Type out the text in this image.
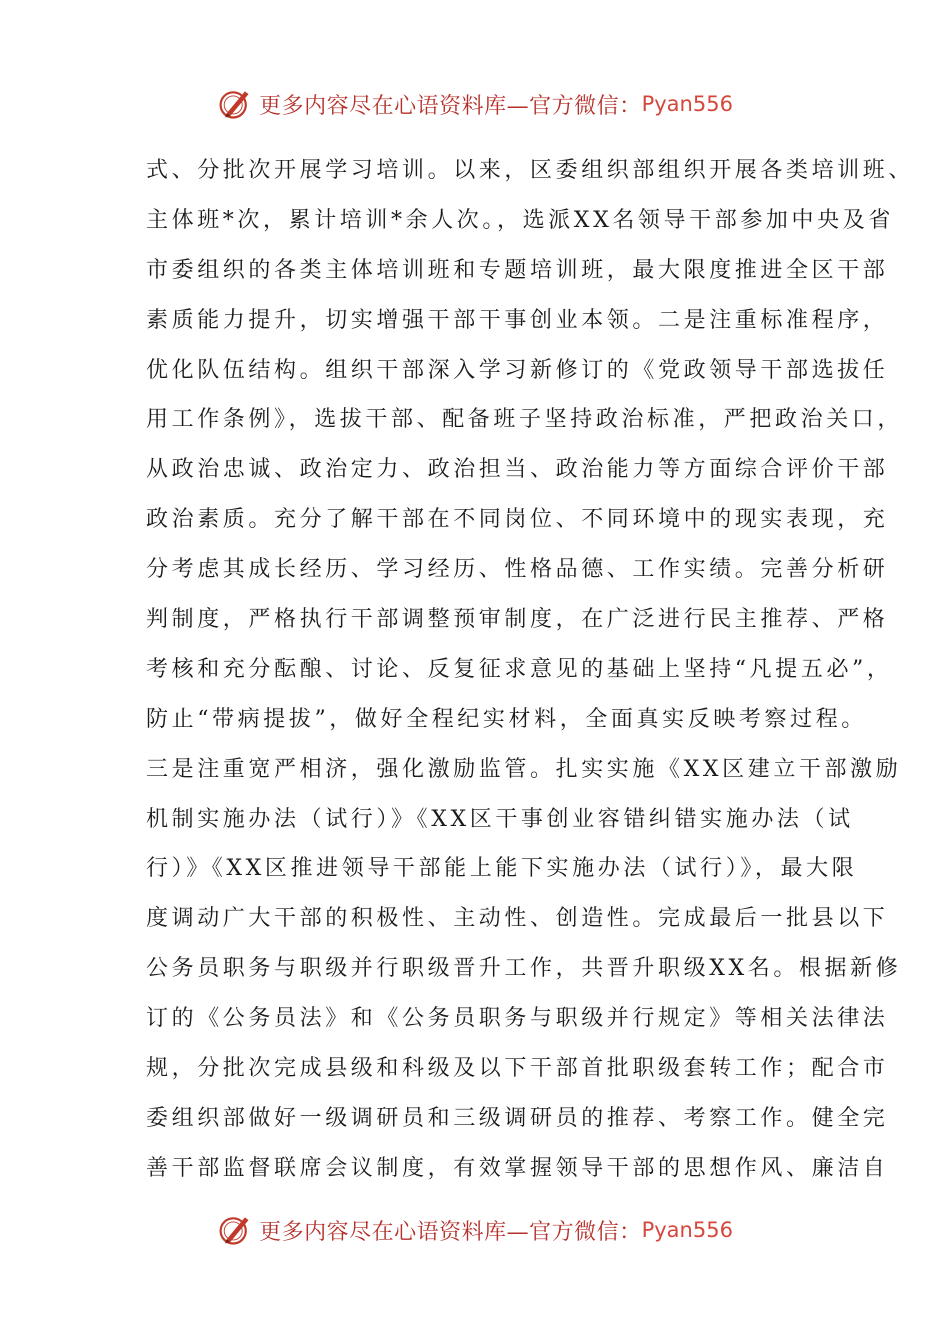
更多内容尽在心语资料库—官方微信： Pyan556
式、分批次开展学习培训。以来，区委组织部组织开展各类培训班、
主体班*次，累计培训*余人次。，选派XX名领导干部参加中央及省
市委组织的各类主体培训班和专题培训班，最大限度推进全区干部
素质能力提升，切实增强干部干事创业本领。二是注重标准程序，
优化队伍结构。组织干部深入学习新修订的《党政领导干部选拔任
用工作条例》，选拔干部、配备班子坚持政治标准，严把政治关口，
从政治忠诚、政治定力、政治担当、政治能力等方面综合评价干部
政治素质。充分了解干部在不同岗位、不同环境中的现实表现，充
分考虑其成长经历、学习经历、性格品德、工作实绩。完善分析研
判制度，严格执行干部调整预审制度，在广泛进行民主推荐、严格
考核和充分酝酿、讨论、反复征求意见的基础上坚持“凡提五必”，
防止“带病提拔”，做好全程纪实材料，全面真实反映考察过程。
三是注重宽严相济，强化激励监管。扎实实施《XX区建立干部激励
机制实施办法（试行）》《XX区干事创业容错纠错实施办法（试
行）》《XX区推进领导干部能上能下实施办法（试行）》，最大限
度调动广大干部的积极性、主动性、创造性。完成最后一批县以下
公务员职务与职级并行职级晋升工作，共晋升职级XX名。根据新修
订的《公务员法》和《公务员职务与职级并行规定》等相关法律法
规，分批次完成县级和科级及以下干部首批职级套转工作；配合市
委组织部做好一级调研员和三级调研员的推荐、考察工作。健全完
善干部监督联席会议制度，有效掌握领导干部的思想作风、廉洁自
更多内容尽在心语资料库—官方微信： Pyan556
